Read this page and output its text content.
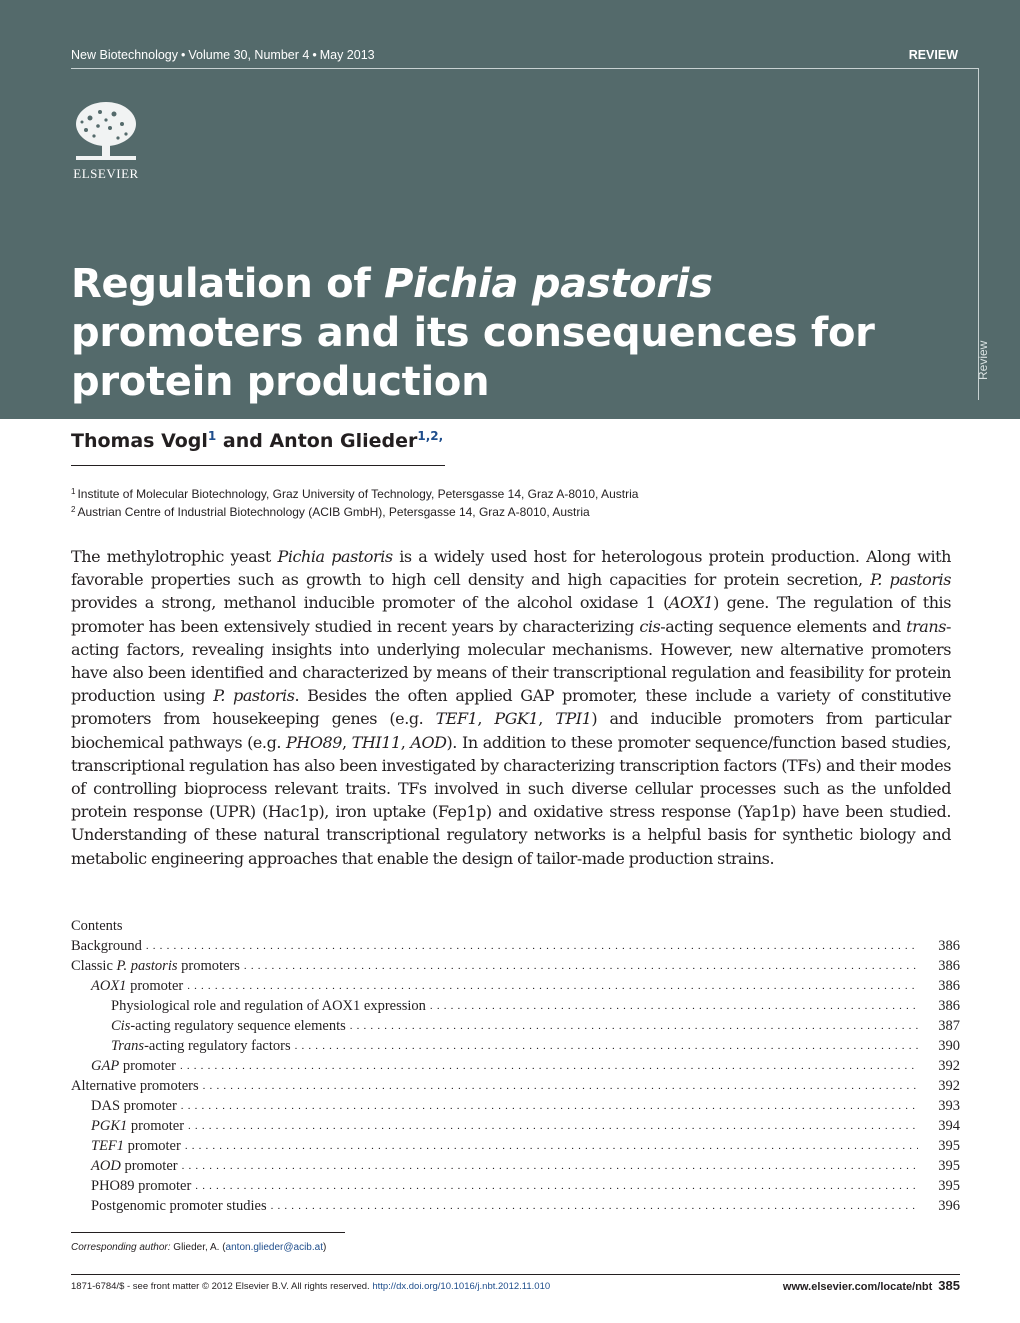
New Biotechnology • Volume 30, Number 4 • May 2013	REVIEW
Review
ELSEVIER
Regulation of Pichia pastoris promoters and its consequences for protein production
Thomas Vogl$^1$ and Anton Glieder$^{1,2,}$
$^1$ Institute of Molecular Biotechnology, Graz University of Technology, Petersgasse 14, Graz A-8010, Austria
$^2$ Austrian Centre of Industrial Biotechnology (ACIB GmbH), Petersgasse 14, Graz A-8010, Austria

The methylotrophic yeast Pichia pastoris is a widely used host for heterologous protein production. Along with favorable properties such as growth to high cell density and high capacities for protein secretion, P. pastoris provides a strong, methanol inducible promoter of the alcohol oxidase 1 (AOX1) gene. The regulation of this promoter has been extensively studied in recent years by characterizing cis-acting sequence elements and trans-acting factors, revealing insights into underlying molecular mechanisms. However, new alternative promoters have also been identified and characterized by means of their transcriptional regulation and feasibility for protein production using P. pastoris. Besides the often applied GAP promoter, these include a variety of constitutive promoters from housekeeping genes (e.g. TEF1, PGK1, TPI1) and inducible promoters from particular biochemical pathways (e.g. PHO89, THI11, AOD). In addition to these promoter sequence/function based studies, transcriptional regulation has also been investigated by characterizing transcription factors (TFs) and their modes of controlling bioprocess relevant traits. TFs involved in such diverse cellular processes such as the unfolded protein response (UPR) (Hac1p), iron uptake (Fep1p) and oxidative stress response (Yap1p) have been studied. Understanding of these natural transcriptional regulatory networks is a helpful basis for synthetic biology and metabolic engineering approaches that enable the design of tailor-made production strains.

Contents
Background . . .	386
Classic P. pastoris promoters . . .	386
AOX1 promoter . . .	386
Physiological role and regulation of AOX1 expression . . .	386
Cis-acting regulatory sequence elements . . .	387
Trans-acting regulatory factors . . .	390
GAP promoter . . .	392
Alternative promoters . . .	392
DAS promoter . . .	393
PGK1 promoter . . .	394
TEF1 promoter . . .	395
AOD promoter . . .	395
PHO89 promoter . . .	395
Postgenomic promoter studies . . .	396
Corresponding author: Glieder, A. (anton.glieder@acib.at)
1871-6784/$ - see front matter © 2012 Elsevier B.V. All rights reserved. http://dx.doi.org/10.1016/j.nbt.2012.11.010	www.elsevier.com/locate/nbt 385
